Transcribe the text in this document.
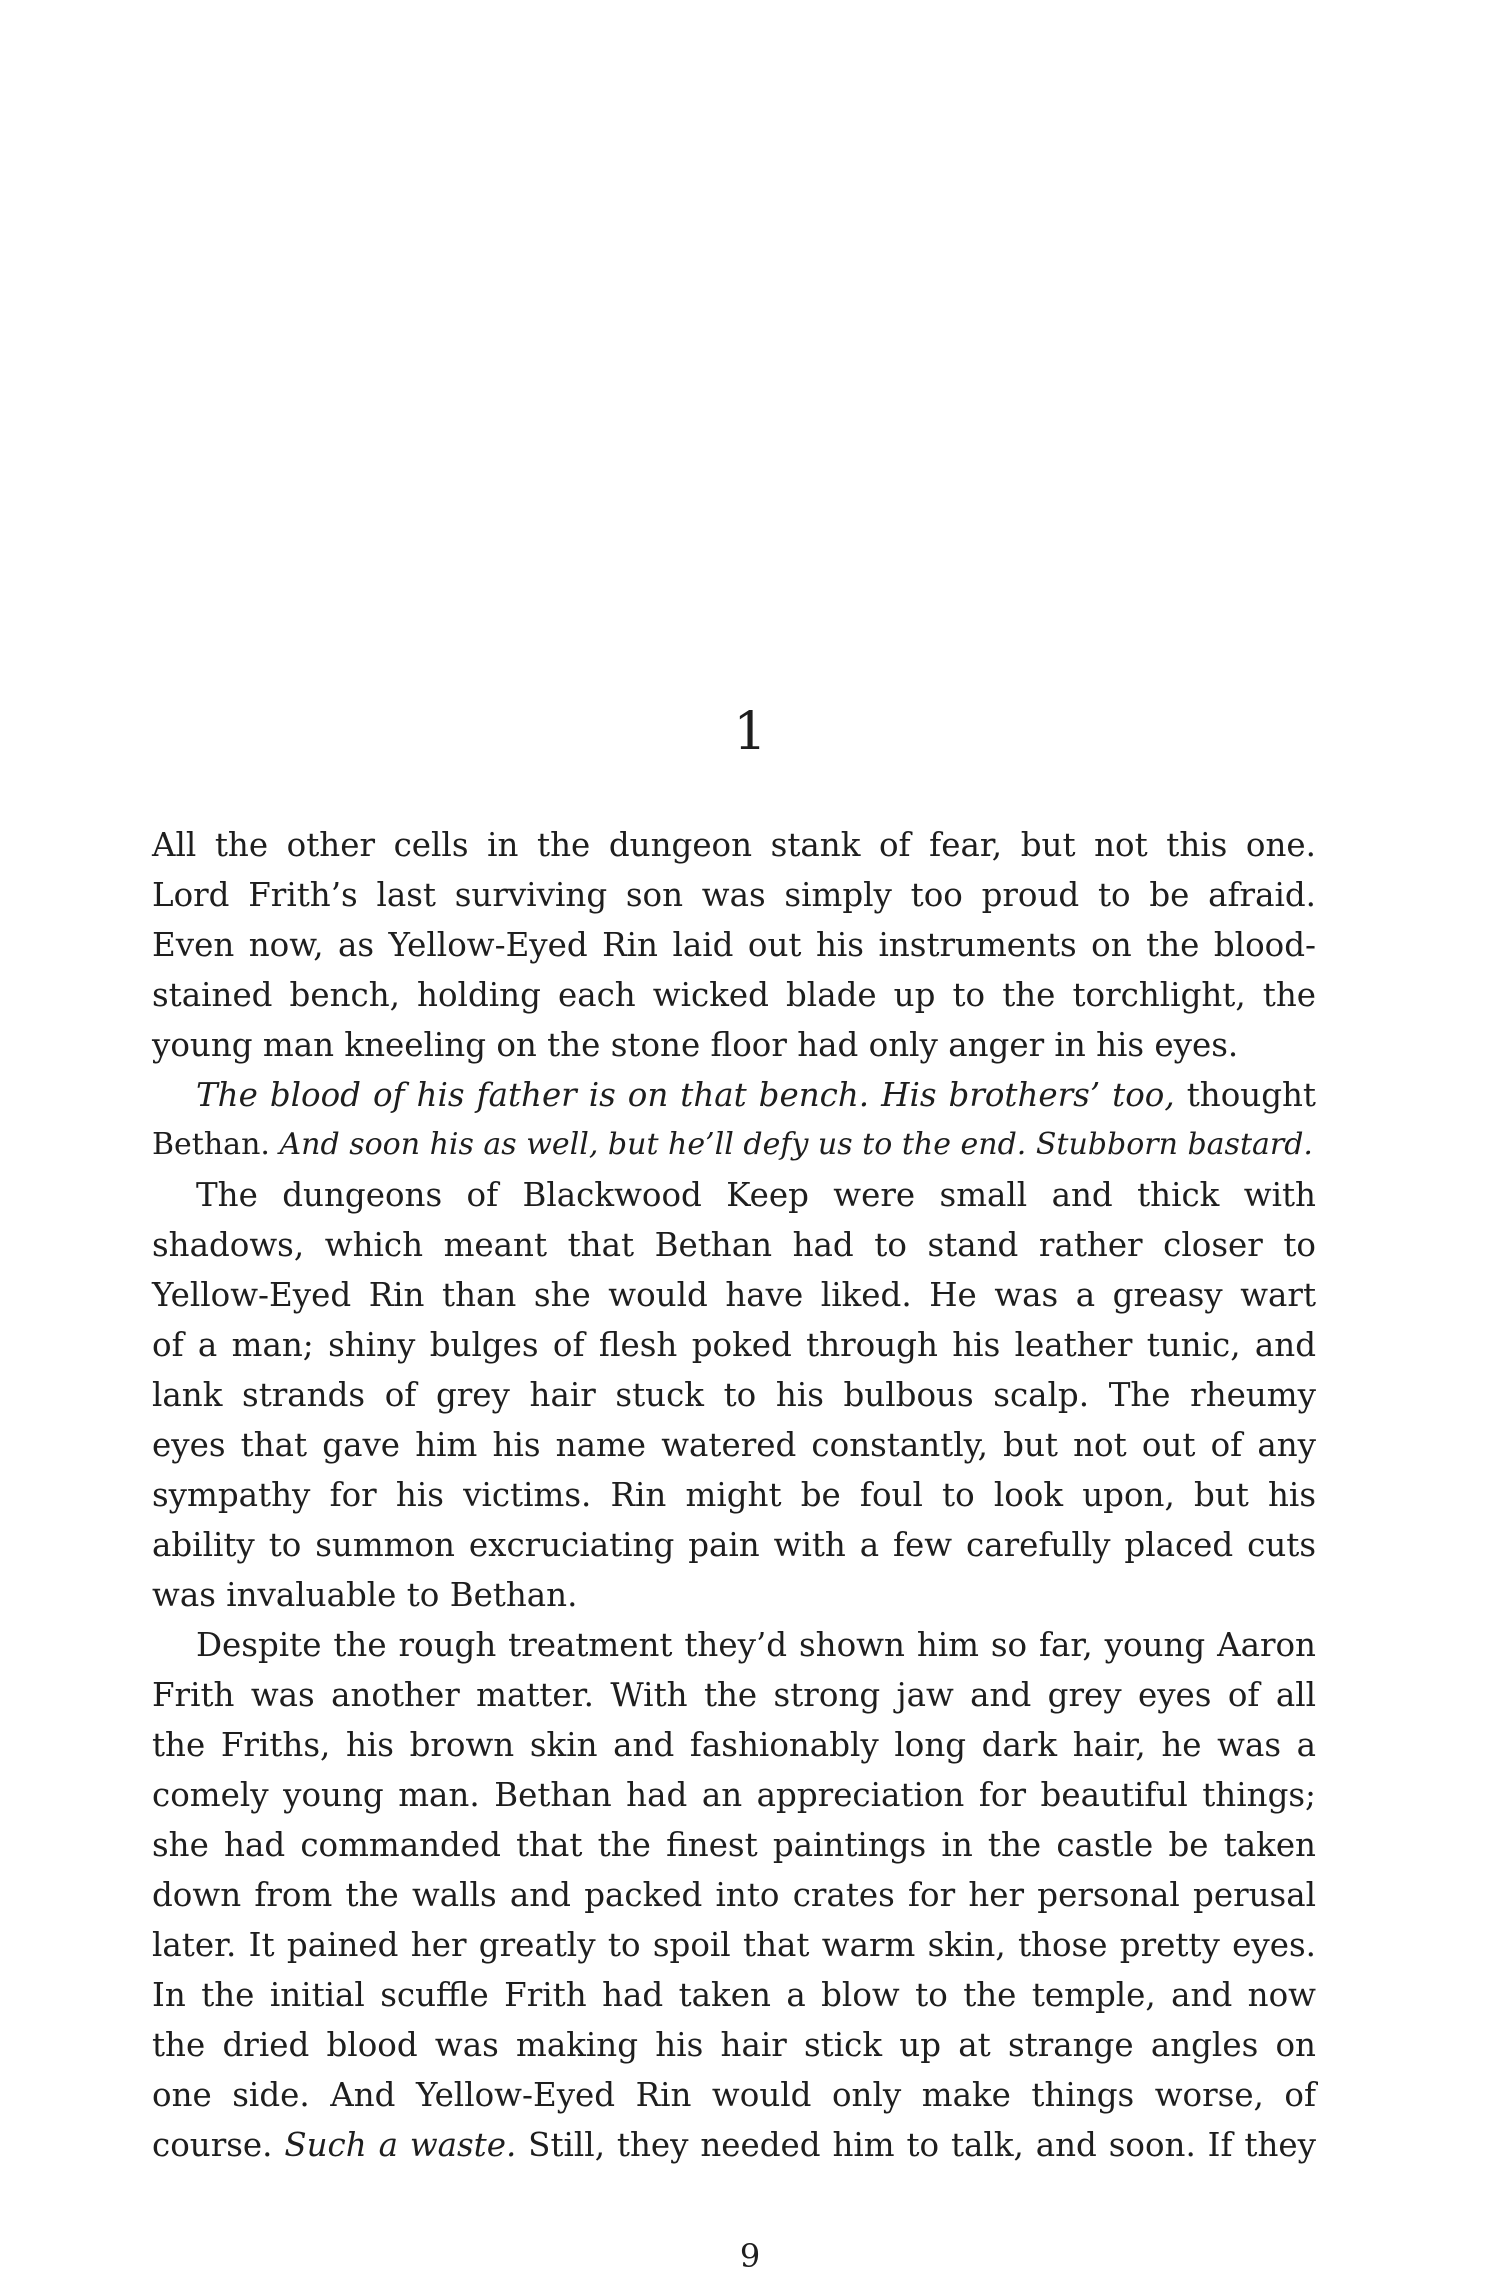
1
All the other cells in the dungeon stank of fear, but not this one.
Lord Frith’s last surviving son was simply too proud to be afraid.
Even now, as Yellow-Eyed Rin laid out his instruments on the blood-
stained bench, holding each wicked blade up to the torchlight, the
young man kneeling on the stone floor had only anger in his eyes.
The blood of his father is on that bench. His brothers’ too, thought
Bethan. And soon his as well, but he’ll defy us to the end. Stubborn bastard.
The dungeons of Blackwood Keep were small and thick with
shadows, which meant that Bethan had to stand rather closer to
Yellow-Eyed Rin than she would have liked. He was a greasy wart
of a man; shiny bulges of flesh poked through his leather tunic, and
lank strands of grey hair stuck to his bulbous scalp. The rheumy
eyes that gave him his name watered constantly, but not out of any
sympathy for his victims. Rin might be foul to look upon, but his
ability to summon excruciating pain with a few carefully placed cuts
was invaluable to Bethan.
Despite the rough treatment they’d shown him so far, young Aaron
Frith was another matter. With the strong jaw and grey eyes of all
the Friths, his brown skin and fashionably long dark hair, he was a
comely young man. Bethan had an appreciation for beautiful things;
she had commanded that the finest paintings in the castle be taken
down from the walls and packed into crates for her personal perusal
later. It pained her greatly to spoil that warm skin, those pretty eyes.
In the initial scuffle Frith had taken a blow to the temple, and now
the dried blood was making his hair stick up at strange angles on
one side. And Yellow-Eyed Rin would only make things worse, of
course. Such a waste. Still, they needed him to talk, and soon. If they
9
